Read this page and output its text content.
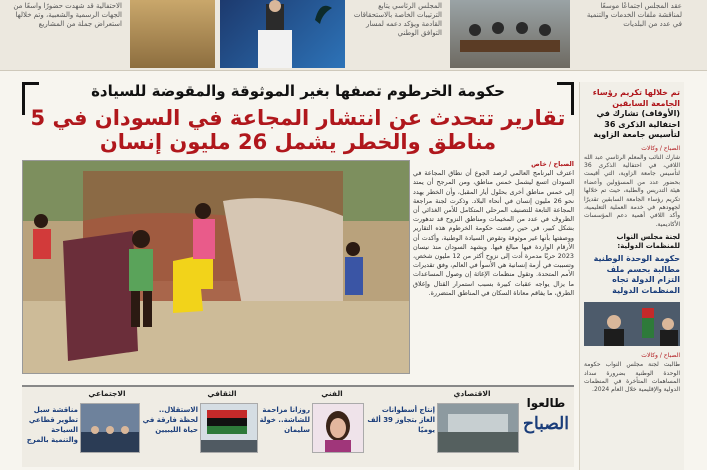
الاحتفالية قد شهدت حضورًا واسعًا من الجهات الرسمية والشعبية، وتم خلالها استعراض جملة من المشاريع

المجلس الرئاسي يتابع الترتيبات الخاصة بالاستحقاقات القادمة ويؤكد دعمه لمسار التوافق الوطني

عقد المجلس اجتماعًا موسعًا لمناقشة ملفات الخدمات والتنمية في عدد من البلديات

حكومة الخرطوم تصفها بغير الموثوقة والمقوضة للسيادة
تقارير تتحدث عن انتشار المجاعة في السودان في 5 مناطق والخطر يشمل 26 مليون إنسان
الصباح / خاص

اعترف البرنامج العالمي لرصد الجوع أن نطاق المجاعة في السودان اتسع ليشمل خمس مناطق، ومن المرجح أن يمتد إلى خمس مناطق أخرى بحلول أيار المقبل، وأن الخطر يهدد نحو 26 مليون إنسان في أنحاء البلاد. وذكرت لجنة مراجعة المجاعة التابعة للتصنيف المرحلي المتكامل للأمن الغذائي أن الظروف في عدد من المخيمات ومناطق النزوح قد تدهورت بشكل كبير، في حين رفضت حكومة الخرطوم هذه التقارير ووصفتها بأنها غير موثوقة وتقوض السيادة الوطنية، وأكدت أن الأرقام الواردة فيها مبالغ فيها. ويشهد السودان منذ نيسان 2023 حربًا مدمرة أدت إلى نزوح أكثر من 12 مليون شخص، وتسببت في أزمة إنسانية هي الأسوأ في العالم، وفق تقديرات الأمم المتحدة. وتقول منظمات الإغاثة إن وصول المساعدات ما يزال يواجه عقبات كبيرة بسبب استمرار القتال وإغلاق الطرق، ما يفاقم معاناة السكان في المناطق المتضررة.

تم خلالها تكريم رؤساء الجامعة السابقين
(الأوقاف) تشارك في احتفالية الذكرى 36 لتأسيس جامعة الزاوية
الصباح / وكالات
شارك النائب والمعلم الرئاسي عبد الله اللافي، في احتفالية الذكرى 36 لتأسيس جامعة الزاوية، التي أقيمت بحضور عدد من المسؤولين وأعضاء هيئة التدريس والطلبة، حيث تم خلالها تكريم رؤساء الجامعة السابقين تقديرًا لجهودهم في خدمة العملية التعليمية، وأكد اللافي أهمية دعم المؤسسات الأكاديمية.
لجنة مجلس النواب للمنظمات الدولية:
حكومة الوحدة الوطنية مطالبة بحسم ملف التزام الدولة تجاه المنظمات الدولية
الصباح / وكالات
طالبت لجنة مجلس النواب حكومة الوحدة الوطنية بضرورة سداد المساهمات المتأخرة في المنظمات الدولية والإقليمية خلال العام 2024.
الاقتصادي
إنتاج أسطوانات الغاز بتجاوز 39 ألف يوميًا
الفني
روزانا مزاحمة للشاشة.. خولة سليمان
الثقافي
الاستقلال.. لحظة فارقة في حياة الليبيين
الاجتماعي
مناقشة سبل تطوير قطاعي السياحة والتنمية بالمرج
طالعوا
الصباح
